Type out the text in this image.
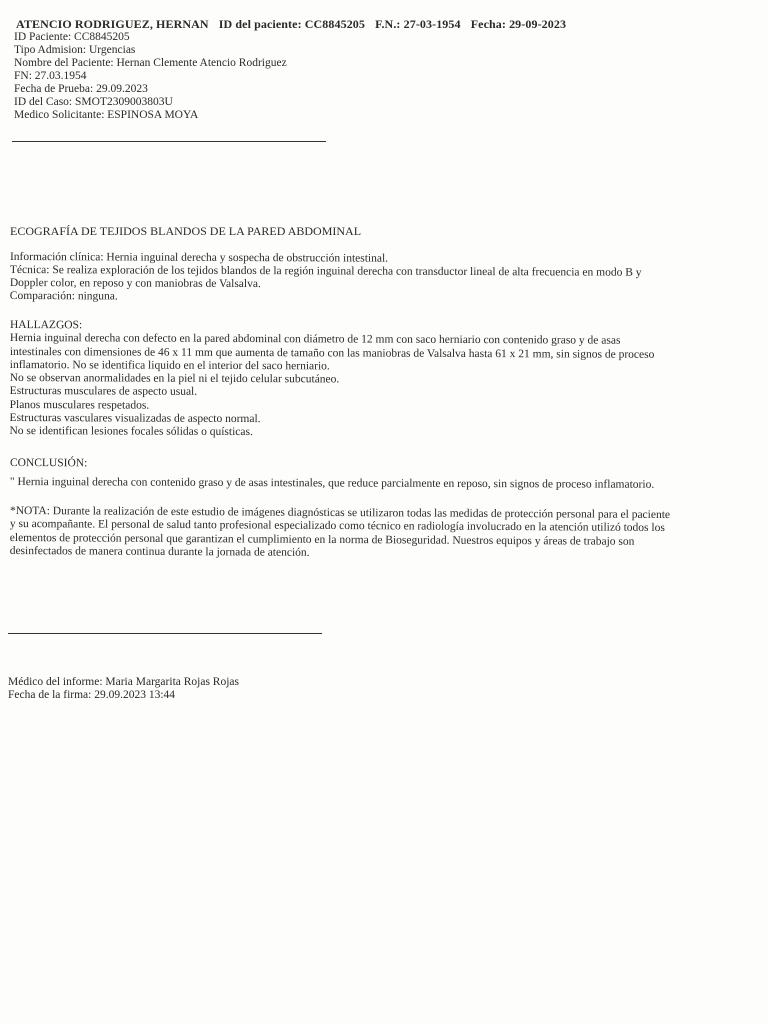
ATENCIO RODRIGUEZ, HERNAN ID del paciente: CC8845205 F.N.: 27-03-1954 Fecha: 29-09-2023
ID Paciente: CC8845205
Tipo Admision: Urgencias
Nombre del Paciente: Hernan Clemente Atencio Rodriguez
FN: 27.03.1954
Fecha de Prueba: 29.09.2023
ID del Caso: SMOT2309003803U
Medico Solicitante: ESPINOSA MOYA
ECOGRAFÍA DE TEJIDOS BLANDOS DE LA PARED ABDOMINAL
Información clínica: Hernia inguinal derecha y sospecha de obstrucción intestinal.
Técnica: Se realiza exploración de los tejidos blandos de la región inguinal derecha con transductor lineal de alta frecuencia en modo B y
Doppler color, en reposo y con maniobras de Valsalva.
Comparación: ninguna.
HALLAZGOS:
Hernia inguinal derecha con defecto en la pared abdominal con diámetro de 12 mm con saco herniario con contenido graso y de asas
intestinales con dimensiones de 46 x 11 mm que aumenta de tamaño con las maniobras de Valsalva hasta 61 x 21 mm, sin signos de proceso
inflamatorio. No se identifica liquido en el interior del saco herniario.
No se observan anormalidades en la piel ni el tejido celular subcutáneo.
Estructuras musculares de aspecto usual.
Planos musculares respetados.
Estructuras vasculares visualizadas de aspecto normal.
No se identifican lesiones focales sólidas o quísticas.
CONCLUSIÓN:
" Hernia inguinal derecha con contenido graso y de asas intestinales, que reduce parcialmente en reposo, sin signos de proceso inflamatorio.
*NOTA: Durante la realización de este estudio de imágenes diagnósticas se utilizaron todas las medidas de protección personal para el paciente
y su acompañante. El personal de salud tanto profesional especializado como técnico en radiología involucrado en la atención utilizó todos los
elementos de protección personal que garantizan el cumplimiento en la norma de Bioseguridad. Nuestros equipos y áreas de trabajo son
desinfectados de manera continua durante la jornada de atención.
Médico del informe: Maria Margarita Rojas Rojas
Fecha de la firma: 29.09.2023 13:44
